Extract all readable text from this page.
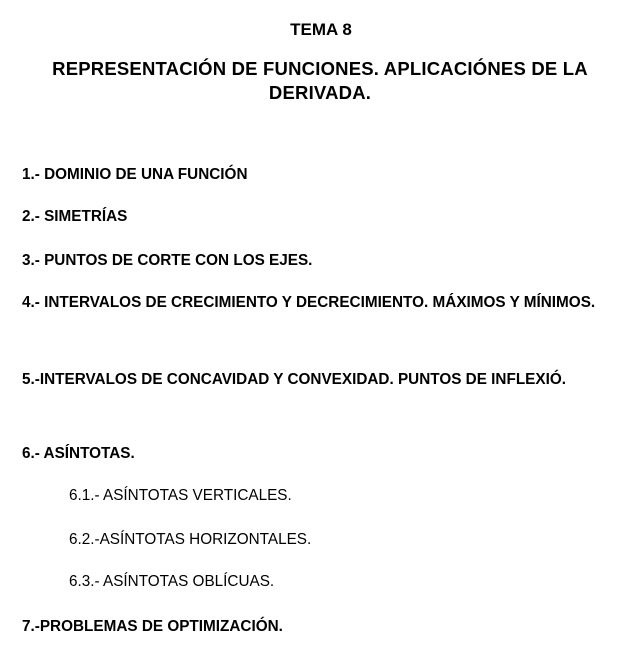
TEMA 8
REPRESENTACIÓN DE FUNCIONES. APLICACIÓNES DE LA DERIVADA.

1.- DOMINIO DE UNA FUNCIÓN

2.- SIMETRÍAS

3.- PUNTOS DE CORTE CON LOS EJES.

4.- INTERVALOS DE CRECIMIENTO Y DECRECIMIENTO. MÁXIMOS Y MÍNIMOS.

5.-INTERVALOS DE CONCAVIDAD Y CONVEXIDAD. PUNTOS DE INFLEXIÓ.

6.- ASÍNTOTAS.

6.1.- ASÍNTOTAS VERTICALES.

6.2.-ASÍNTOTAS HORIZONTALES.

6.3.- ASÍNTOTAS OBLÍCUAS.

7.-PROBLEMAS DE OPTIMIZACIÓN.
